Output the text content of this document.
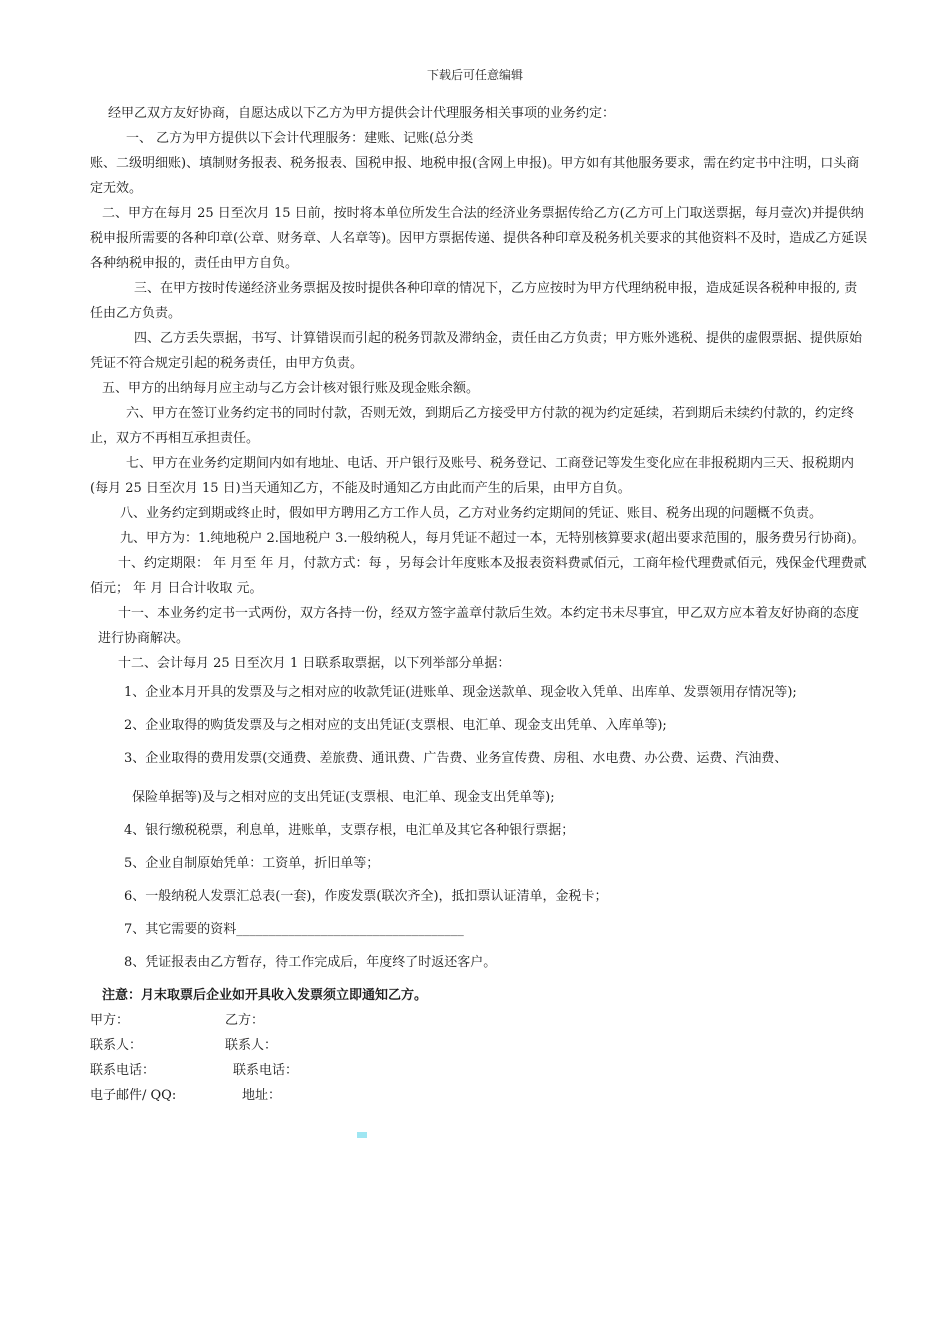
下载后可任意编辑

经甲乙双方友好协商，自愿达成以下乙方为甲方提供会计代理服务相关事项的业务约定：

一、 乙方为甲方提供以下会计代理服务：建账、记账(总分类

账、二级明细账)、填制财务报表、税务报表、国税申报、地税申报(含网上申报)。甲方如有其他服务要求，需在约定书中注明，口头商定无效。

二、甲方在每月 25 日至次月 15 日前，按时将本单位所发生合法的经济业务票据传给乙方(乙方可上门取送票据，每月壹次)并提供纳税申报所需要的各种印章(公章、财务章、人名章等)。因甲方票据传递、提供各种印章及税务机关要求的其他资料不及时，造成乙方延误各种纳税申报的，责任由甲方自负。

三、在甲方按时传递经济业务票据及按时提供各种印章的情况下，乙方应按时为甲方代理纳税申报，造成延误各税种申报的, 责任由乙方负责。

四、乙方丢失票据，书写、计算错误而引起的税务罚款及滞纳金，责任由乙方负责；甲方账外逃税、提供的虚假票据、提供原始凭证不符合规定引起的税务责任，由甲方负责。

五、甲方的出纳每月应主动与乙方会计核对银行账及现金账余额。

六、甲方在签订业务约定书的同时付款，否则无效，到期后乙方接受甲方付款的视为约定延续，若到期后未续约付款的，约定终止，双方不再相互承担责任。

七、甲方在业务约定期间内如有地址、电话、开户银行及账号、税务登记、工商登记等发生变化应在非报税期内三天、报税期内(每月 25 日至次月 15 日)当天通知乙方，不能及时通知乙方由此而产生的后果，由甲方自负。

八、业务约定到期或终止时，假如甲方聘用乙方工作人员，乙方对业务约定期间的凭证、账目、税务出现的问题概不负责。

九、甲方为：1.纯地税户 2.国地税户 3.一般纳税人，每月凭证不超过一本，无特别核算要求(超出要求范围的，服务费另行协商)。

十、约定期限： 年 月至 年 月，付款方式：每 ，另每会计年度账本及报表资料费贰佰元，工商年检代理费贰佰元，残保金代理费贰佰元； 年 月 日合计收取 元。

十一、本业务约定书一式两份，双方各持一份，经双方签字盖章付款后生效。本约定书未尽事宜，甲乙双方应本着友好协商的态度进行协商解决。

十二、会计每月 25 日至次月 1 日联系取票据，以下列举部分单据：

1、企业本月开具的发票及与之相对应的收款凭证(进账单、现金送款单、现金收入凭单、出库单、发票领用存情况等);

2、企业取得的购货发票及与之相对应的支出凭证(支票根、电汇单、现金支出凭单、入库单等);

3、企业取得的费用发票(交通费、差旅费、通讯费、广告费、业务宣传费、房租、水电费、办公费、运费、汽油费、

保险单据等)及与之相对应的支出凭证(支票根、电汇单、现金支出凭单等);

4、银行缴税税票，利息单，进账单，支票存根，电汇单及其它各种银行票据；

5、企业自制原始凭单：工资单，折旧单等；

6、一般纳税人发票汇总表(一套)，作废发票(联次齐全)，抵扣票认证清单，金税卡；

7、其它需要的资料___________________________________

8、凭证报表由乙方暂存，待工作完成后，年度终了时返还客户。

注意：月末取票后企业如开具收入发票须立即通知乙方。

甲方：	乙方：
联系人：	联系人：
联系电话：	联系电话：
电子邮件/ QQ:	地址：
